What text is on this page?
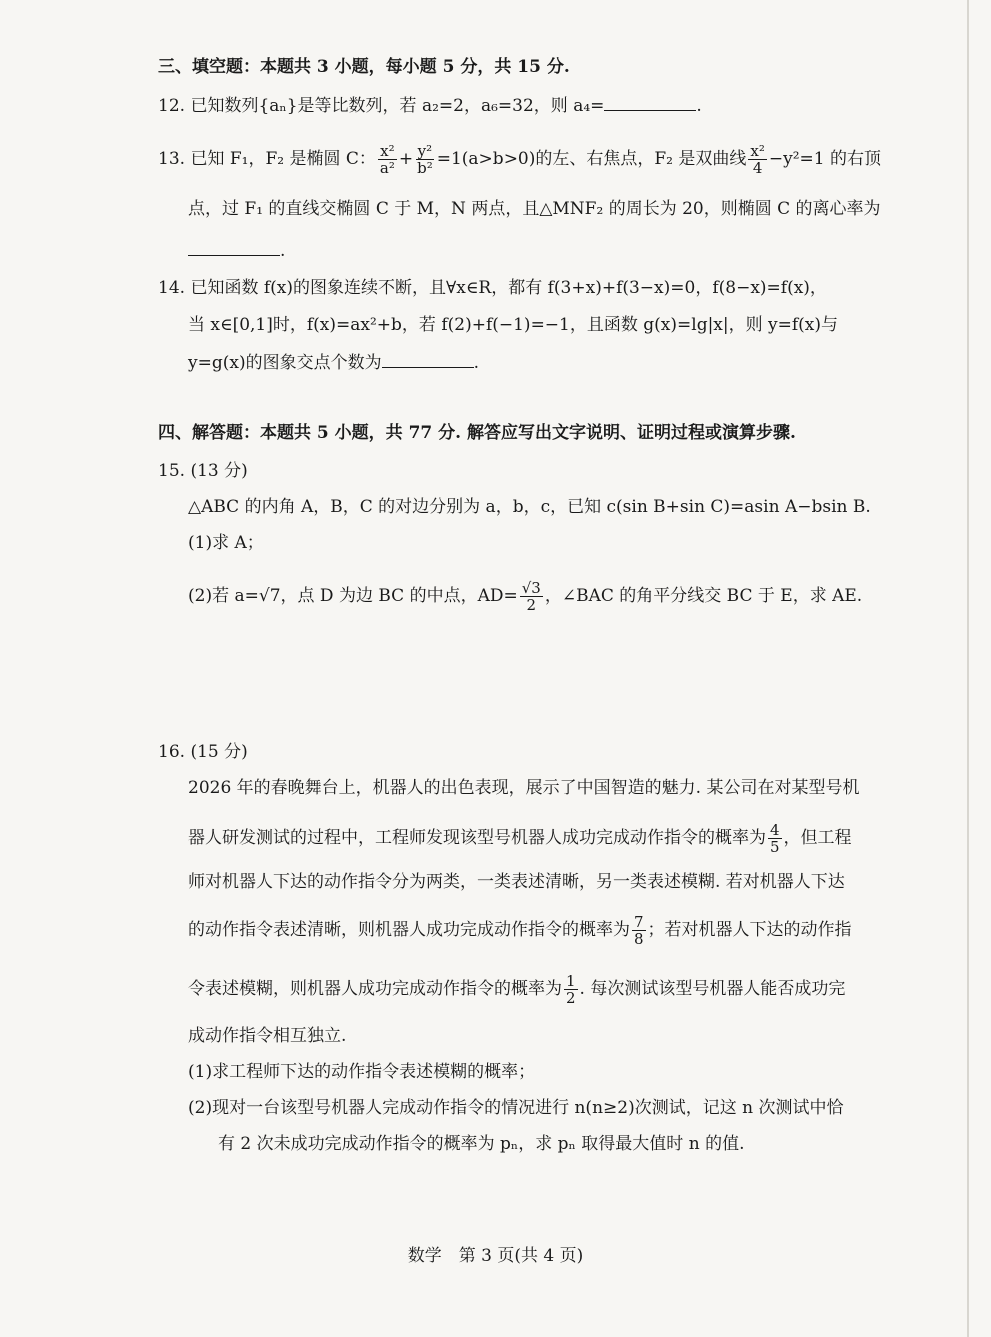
三、填空题：本题共 3 小题，每小题 5 分，共 15 分.
12. 已知数列{aₙ}是等比数列，若 a₂=2，a₆=32，则 a₄=	.
13. 已知 F₁，F₂ 是椭圆 C： $\frac{\text{x²}}{\text{a²}} + \frac{\text{y²}}{\text{b²}} =1(a>b>0)$的左、右焦点，F₂ 是双曲线 $\frac{\text{x²}}{4} -y^2=1$ 的右顶
点，过 F₁ 的直线交椭圆 C 于 M，N 两点，且△MNF₂ 的周长为 20，则椭圆 C 的离心率为
.
14. 已知函数 f(x)的图象连续不断，且∀x∈R，都有 f(3+x)+f(3−x)=0，f(8−x)=f(x)，
当 x∈[0,1]时，f(x)=ax²+b，若 f(2)+f(−1)=−1，且函数 g(x)=lg|x|，则 y=f(x)与
y=g(x)的图象交点个数为	.
四、解答题：本题共 5 小题，共 77 分. 解答应写出文字说明、证明过程或演算步骤.
15. (13 分)
△ABC 的内角 A，B，C 的对边分别为 a，b，c，已知 c(sin B+sin C)=asin A−bsin B.
(1)求 A；
(2)若 a=√7，点 D 为边 BC 的中点，$AD= \frac{√3}{2}$ ，∠BAC 的角平分线交 BC 于 E，求 AE.
16. (15 分)
2026 年的春晚舞台上，机器人的出色表现，展示了中国智造的魅力. 某公司在对某型号机
器人研发测试的过程中，工程师发现该型号机器人成功完成动作指令的概率为 $\frac{4}{5}$ ，但工程
师对机器人下达的动作指令分为两类，一类表述清晰，另一类表述模糊. 若对机器人下达
的动作指令表述清晰，则机器人成功完成动作指令的概率为 $\frac{7}{8}$ ；若对机器人下达的动作指
令表述模糊，则机器人成功完成动作指令的概率为 $\frac{1}{2}$ . 每次测试该型号机器人能否成功完
成动作指令相互独立.
(1)求工程师下达的动作指令表述模糊的概率；
(2)现对一台该型号机器人完成动作指令的情况进行 n(n≥2)次测试，记这 n 次测试中恰
有 2 次未成功完成动作指令的概率为 pₙ，求 pₙ 取得最大值时 n 的值.
数学　第 3 页(共 4 页)
